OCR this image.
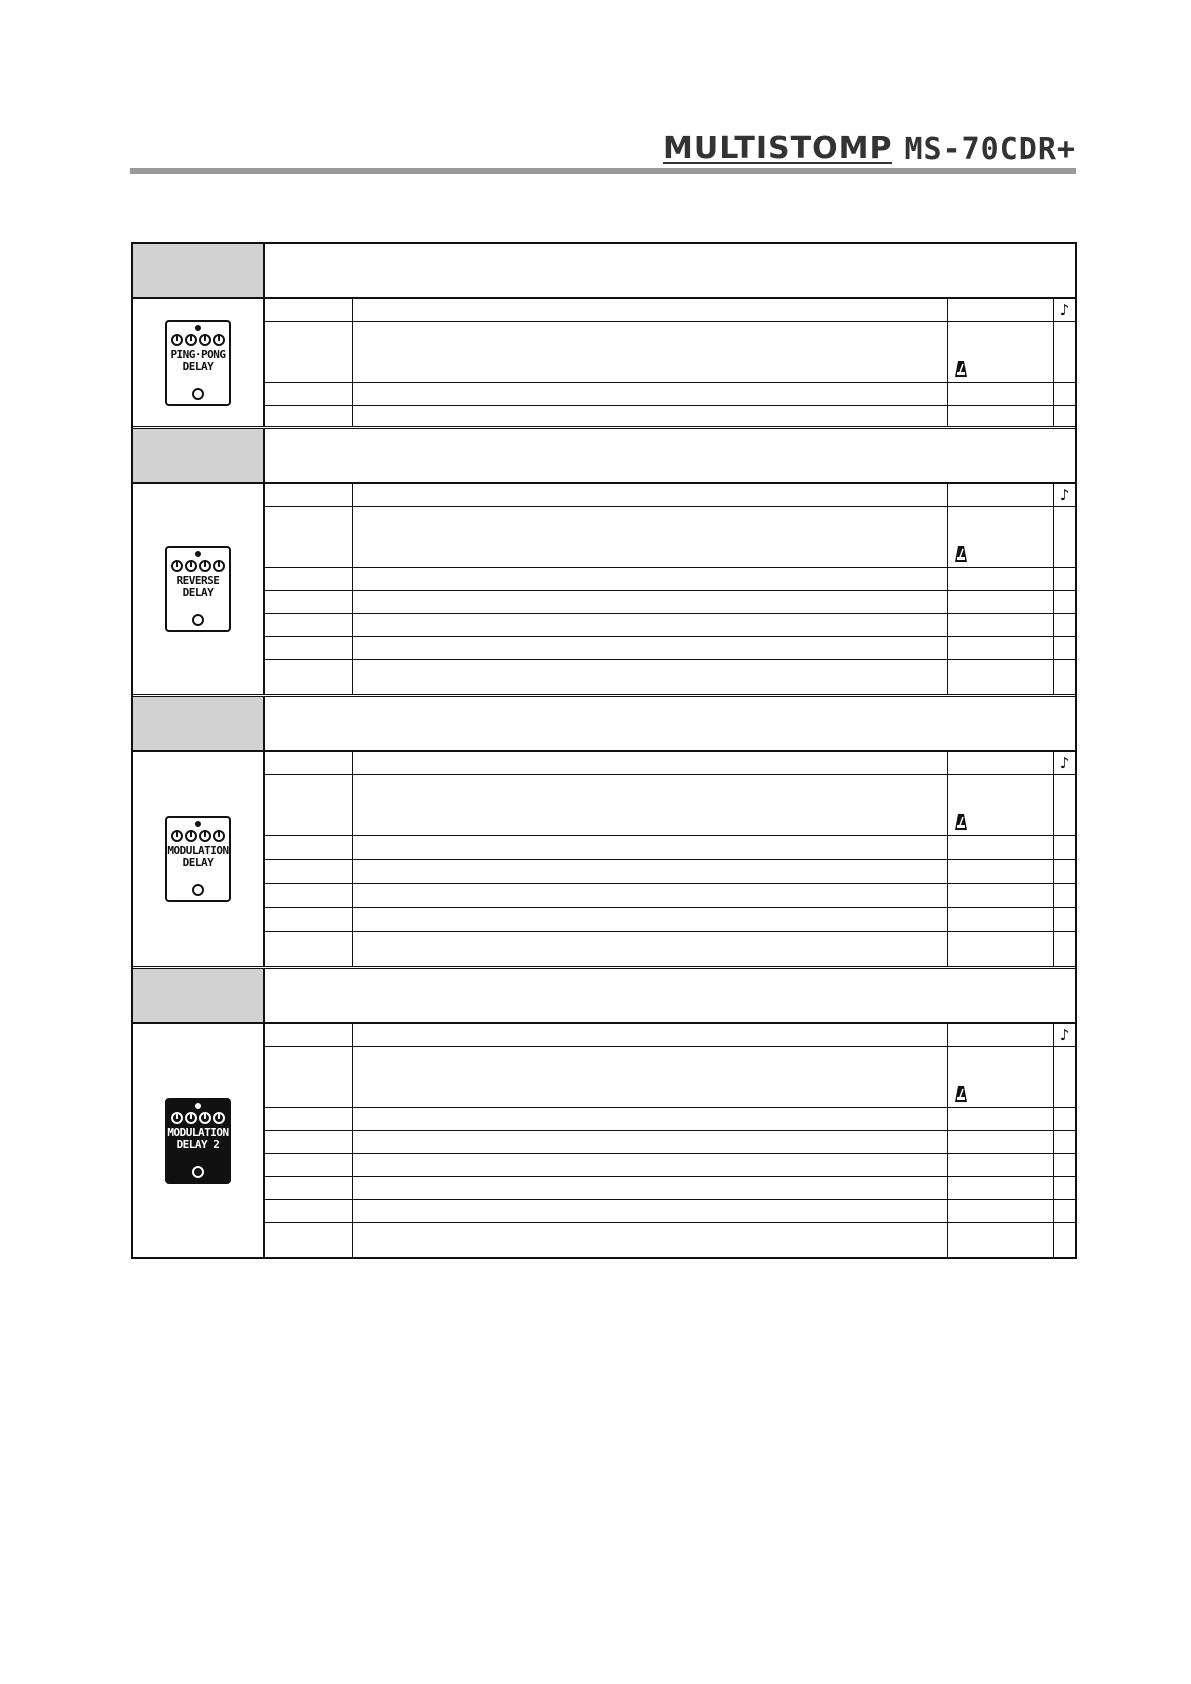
MULTISTOMP MS-70CDR+
PING·PONG
DELAY
♪
REVERSE
DELAY
♪
MODULATION
DELAY
♪
MODULATION
DELAY 2
♪
